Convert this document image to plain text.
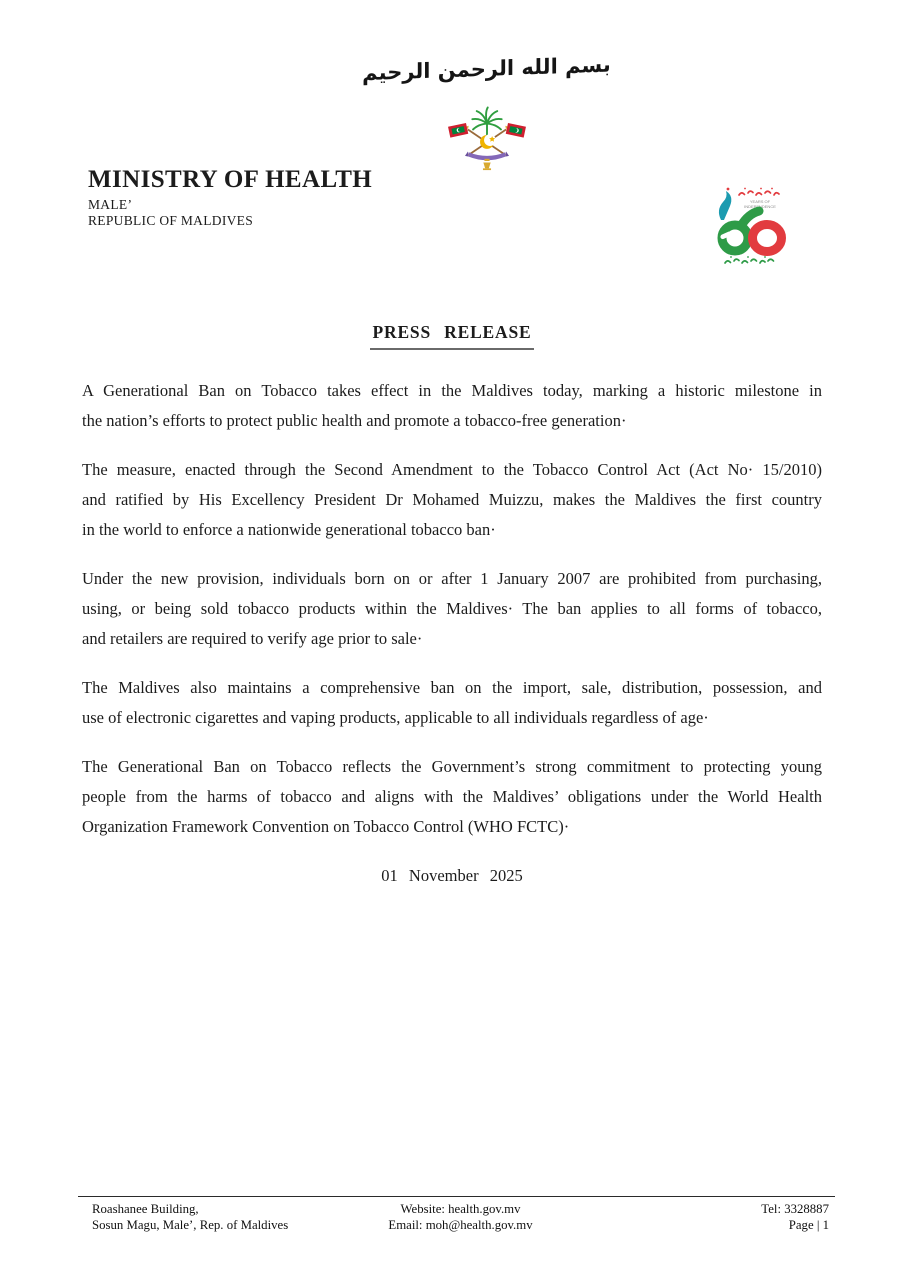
بسم الله الرحمن الرحيم
MINISTRY OF HEALTH
MALE’
REPUBLIC OF MALDIVES
YEARS OF
INDEPENDENCE
PRESS RELEASE
A Generational Ban on Tobacco takes effect in the Maldives today, marking a historic milestone in
the nation’s efforts to protect public health and promote a tobacco-free generation·
The measure, enacted through the Second Amendment to the Tobacco Control Act (Act No· 15/2010)
and ratified by His Excellency President Dr Mohamed Muizzu, makes the Maldives the first country
in the world to enforce a nationwide generational tobacco ban·
Under the new provision, individuals born on or after 1 January 2007 are prohibited from purchasing,
using, or being sold tobacco products within the Maldives· The ban applies to all forms of tobacco,
and retailers are required to verify age prior to sale·
The Maldives also maintains a comprehensive ban on the import, sale, distribution, possession, and
use of electronic cigarettes and vaping products, applicable to all individuals regardless of age·
The Generational Ban on Tobacco reflects the Government’s strong commitment to protecting young
people from the harms of tobacco and aligns with the Maldives’ obligations under the World Health
Organization Framework Convention on Tobacco Control (WHO FCTC)·
01 November 2025
Roashanee Building,
Sosun Magu, Male’, Rep. of Maldives
Website: health.gov.mv
Email: moh@health.gov.mv
Tel: 3328887
Page | 1
